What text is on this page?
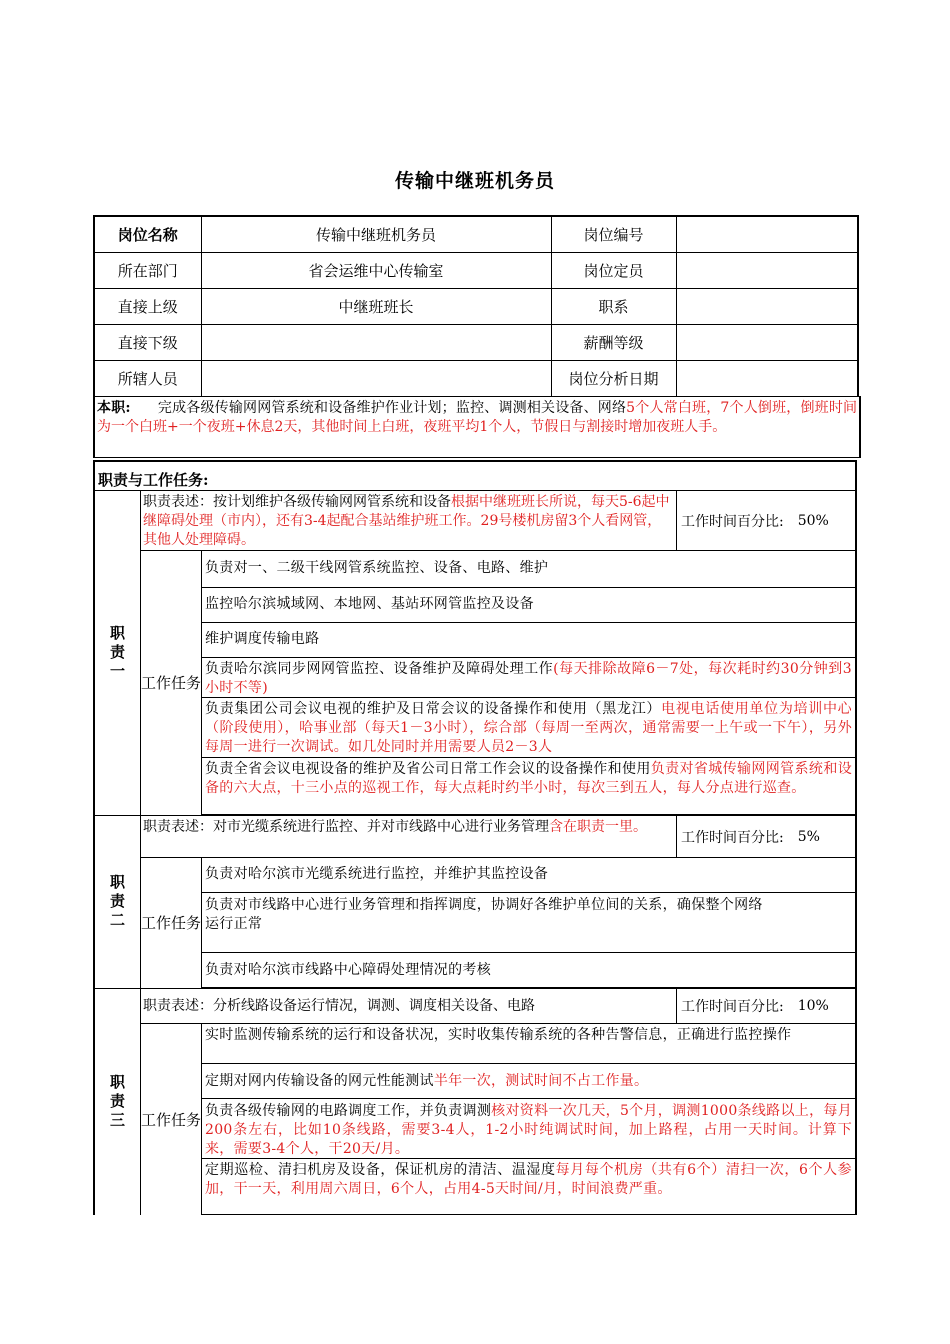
传输中继班机务员
岗位名称	传输中继班机务员	岗位编号	
所在部门	省会运维中心传输室	岗位定员	
直接上级	中继班班长	职系	
直接下级		薪酬等级	
所辖人员		岗位分析日期	
本职: 完成各级传输网网管系统和设备维护作业计划；监控、调测相关设备、网络5个人常白班，7个人倒班，倒班时间为一个白班+一个夜班+休息2天，其他时间上白班，夜班平均1个人，节假日与割接时增加夜班人手。
职责与工作任务:
职责一
职责表述：按计划维护各级传输网网管系统和设备根据中继班班长所说，每天5-6起中继障碍处理（市内），还有3-4起配合基站维护班工作。29号楼机房留3个人看网管，其他人处理障碍。
工作时间百分比: 50%
工作任务
负责对一、二级干线网管系统监控、设备、电路、维护
监控哈尔滨城域网、本地网、基站环网管监控及设备
维护调度传输电路
负责哈尔滨同步网网管监控、设备维护及障碍处理工作(每天排除故障6－7处，每次耗时约30分钟到3小时不等)
负责集团公司会议电视的维护及日常会议的设备操作和使用（黑龙江）电视电话使用单位为培训中心（阶段使用），哈事业部（每天1－3小时），综合部（每周一至两次，通常需要一上午或一下午），另外每周一进行一次调试。如几处同时并用需要人员2－3人
负责全省会议电视设备的维护及省公司日常工作会议的设备操作和使用负责对省城传输网网管系统和设备的六大点，十三小点的巡视工作，每大点耗时约半小时，每次三到五人，每人分点进行巡查。
职责二
职责表述：对市光缆系统进行监控、并对市线路中心进行业务管理含在职责一里。
工作时间百分比: 5%
工作任务
负责对哈尔滨市光缆系统进行监控，并维护其监控设备
负责对市线路中心进行业务管理和指挥调度，协调好各维护单位间的关系，确保整个网络
运行正常
负责对哈尔滨市线路中心障碍处理情况的考核
职责三
职责表述：分析线路设备运行情况，调测、调度相关设备、电路	工作时间百分比: 10%
工作任务
实时监测传输系统的运行和设备状况，实时收集传输系统的各种告警信息，正确进行监控操作
定期对网内传输设备的网元性能测试半年一次，测试时间不占工作量。
负责各级传输网的电路调度工作，并负责调测核对资料一次几天，5个月，调测1000条线路以上，每月200条左右，比如10条线路，需要3-4人，1-2小时纯调试时间，加上路程，占用一天时间。计算下来，需要3-4个人，干20天/月。
定期巡检、清扫机房及设备，保证机房的清洁、温湿度每月每个机房（共有6个）清扫一次，6个人参加，干一天，利用周六周日，6个人，占用4-5天时间/月，时间浪费严重。
